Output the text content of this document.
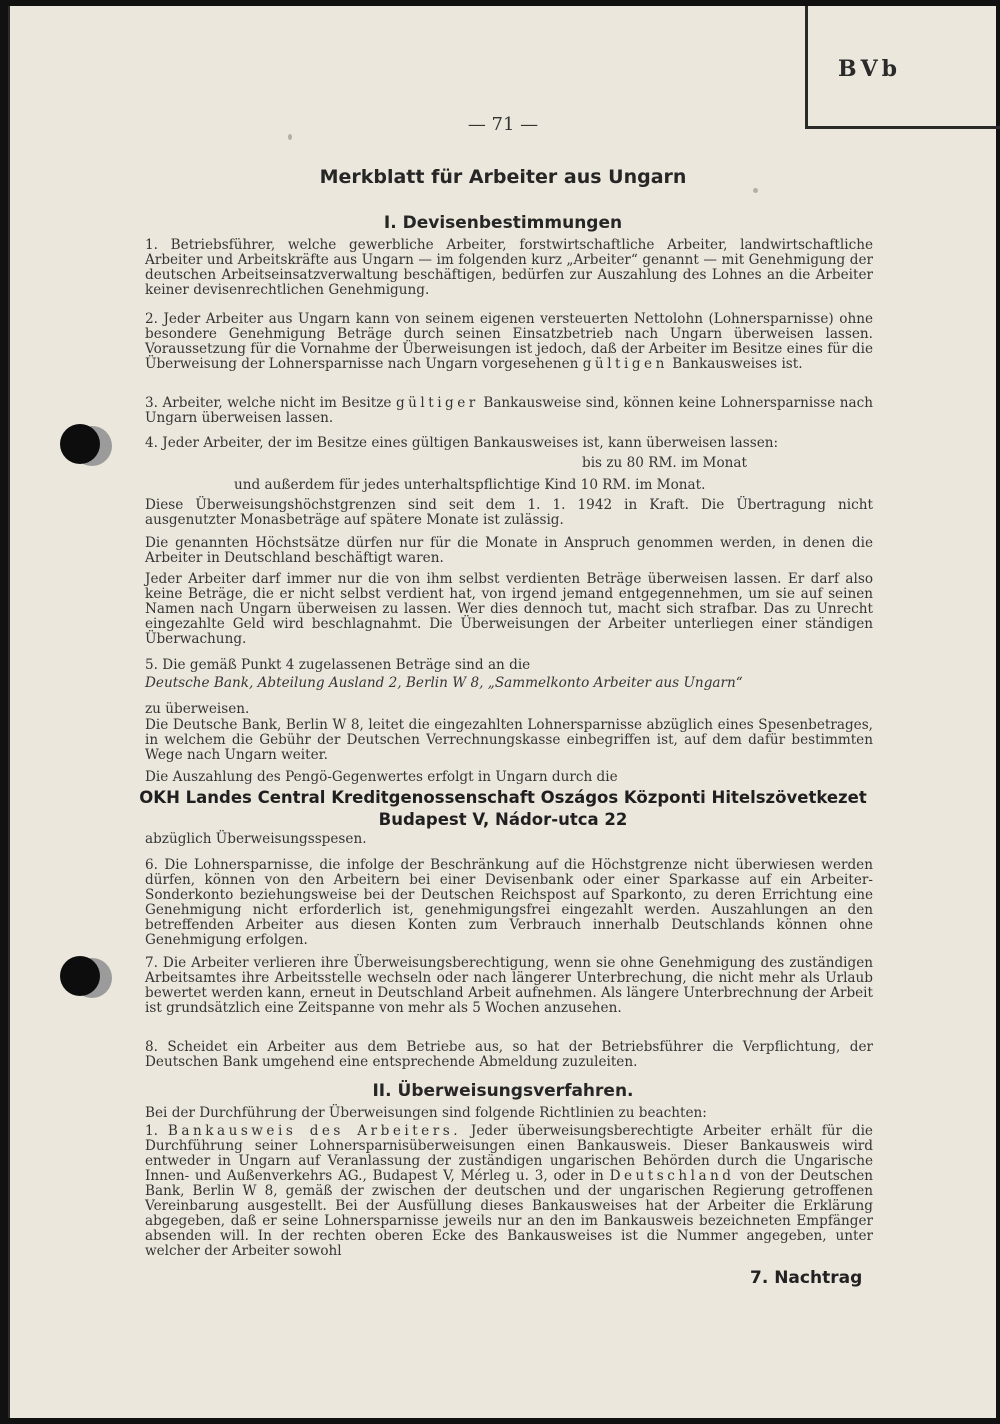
BVb
— 71 —
Merkblatt für Arbeiter aus Ungarn
I. Devisenbestimmungen
1. Betriebsführer, welche gewerbliche Arbeiter, forstwirtschaftliche Arbeiter, landwirtschaftliche Arbeiter und Arbeitskräfte aus Ungarn — im folgenden kurz „Arbeiter“ genannt — mit Genehmigung der deutschen Arbeitseinsatzverwaltung beschäftigen, bedürfen zur Auszahlung des Lohnes an die Arbeiter keiner devisenrechtlichen Genehmigung.
2. Jeder Arbeiter aus Ungarn kann von seinem eigenen versteuerten Nettolohn (Lohnersparnisse) ohne besondere Genehmigung Beträge durch seinen Einsatzbetrieb nach Ungarn überweisen lassen. Voraussetzung für die Vornahme der Überweisungen ist jedoch, daß der Arbeiter im Besitze eines für die Überweisung der Lohnersparnisse nach Ungarn vorgesehenen gültigen Bankausweises ist.
3. Arbeiter, welche nicht im Besitze gültiger Bankausweise sind, können keine Lohnersparnisse nach Ungarn überweisen lassen.
4. Jeder Arbeiter, der im Besitze eines gültigen Bankausweises ist, kann überweisen lassen:
bis zu 80 RM. im Monat
und außerdem für jedes unterhaltspflichtige Kind 10 RM. im Monat.
Diese Überweisungshöchstgrenzen sind seit dem 1. 1. 1942 in Kraft. Die Übertragung nicht ausgenutzter Monasbeträge auf spätere Monate ist zulässig.
Die genannten Höchstsätze dürfen nur für die Monate in Anspruch genommen werden, in denen die Arbeiter in Deutschland beschäftigt waren.
Jeder Arbeiter darf immer nur die von ihm selbst verdienten Beträge überweisen lassen. Er darf also keine Beträge, die er nicht selbst verdient hat, von irgend jemand entgegennehmen, um sie auf seinen Namen nach Ungarn überweisen zu lassen. Wer dies dennoch tut, macht sich strafbar. Das zu Unrecht eingezahlte Geld wird beschlagnahmt. Die Überweisungen der Arbeiter unterliegen einer ständigen Überwachung.
5. Die gemäß Punkt 4 zugelassenen Beträge sind an die
Deutsche Bank, Abteilung Ausland 2, Berlin W 8, „Sammelkonto Arbeiter aus Ungarn“
zu überweisen.
Die Deutsche Bank, Berlin W 8, leitet die eingezahlten Lohnersparnisse abzüglich eines Spesenbetrages, in welchem die Gebühr der Deutschen Verrechnungskasse einbegriffen ist, auf dem dafür bestimmten Wege nach Ungarn weiter.
Die Auszahlung des Pengö-Gegenwertes erfolgt in Ungarn durch die
OKH Landes Central Kreditgenossenschaft Oszágos Központi Hitelszövetkezet
Budapest V, Nádor-utca 22
abzüglich Überweisungsspesen.
6. Die Lohnersparnisse, die infolge der Beschränkung auf die Höchstgrenze nicht überwiesen werden dürfen, können von den Arbeitern bei einer Devisenbank oder einer Sparkasse auf ein Arbeiter-Sonderkonto beziehungsweise bei der Deutschen Reichspost auf Sparkonto, zu deren Errichtung eine Genehmigung nicht erforderlich ist, genehmigungsfrei eingezahlt werden. Auszahlungen an den betreffenden Arbeiter aus diesen Konten zum Verbrauch innerhalb Deutschlands können ohne Genehmigung erfolgen.
7. Die Arbeiter verlieren ihre Überweisungsberechtigung, wenn sie ohne Genehmigung des zuständigen Arbeitsamtes ihre Arbeitsstelle wechseln oder nach längerer Unterbrechung, die nicht mehr als Urlaub bewertet werden kann, erneut in Deutschland Arbeit aufnehmen. Als längere Unterbrechnung der Arbeit ist grundsätzlich eine Zeitspanne von mehr als 5 Wochen anzusehen.
8. Scheidet ein Arbeiter aus dem Betriebe aus, so hat der Betriebsführer die Verpflichtung, der Deutschen Bank umgehend eine entsprechende Abmeldung zuzuleiten.
II. Überweisungsverfahren.
Bei der Durchführung der Überweisungen sind folgende Richtlinien zu beachten:
1. Bankausweis des Arbeiters. Jeder überweisungsberechtigte Arbeiter erhält für die Durchführung seiner Lohnersparnisüberweisungen einen Bankausweis. Dieser Bankausweis wird entweder in Ungarn auf Veranlassung der zuständigen ungarischen Behörden durch die Ungarische Innen- und Außenverkehrs AG., Budapest V, Mérleg u. 3, oder in Deutschland von der Deutschen Bank, Berlin W 8, gemäß der zwischen der deutschen und der ungarischen Regierung getroffenen Vereinbarung ausgestellt. Bei der Ausfüllung dieses Bankausweises hat der Arbeiter die Erklärung abgegeben, daß er seine Lohnersparnisse jeweils nur an den im Bankausweis bezeichneten Empfänger absenden will. In der rechten oberen Ecke des Bankausweises ist die Nummer angegeben, unter welcher der Arbeiter sowohl
7. Nachtrag
